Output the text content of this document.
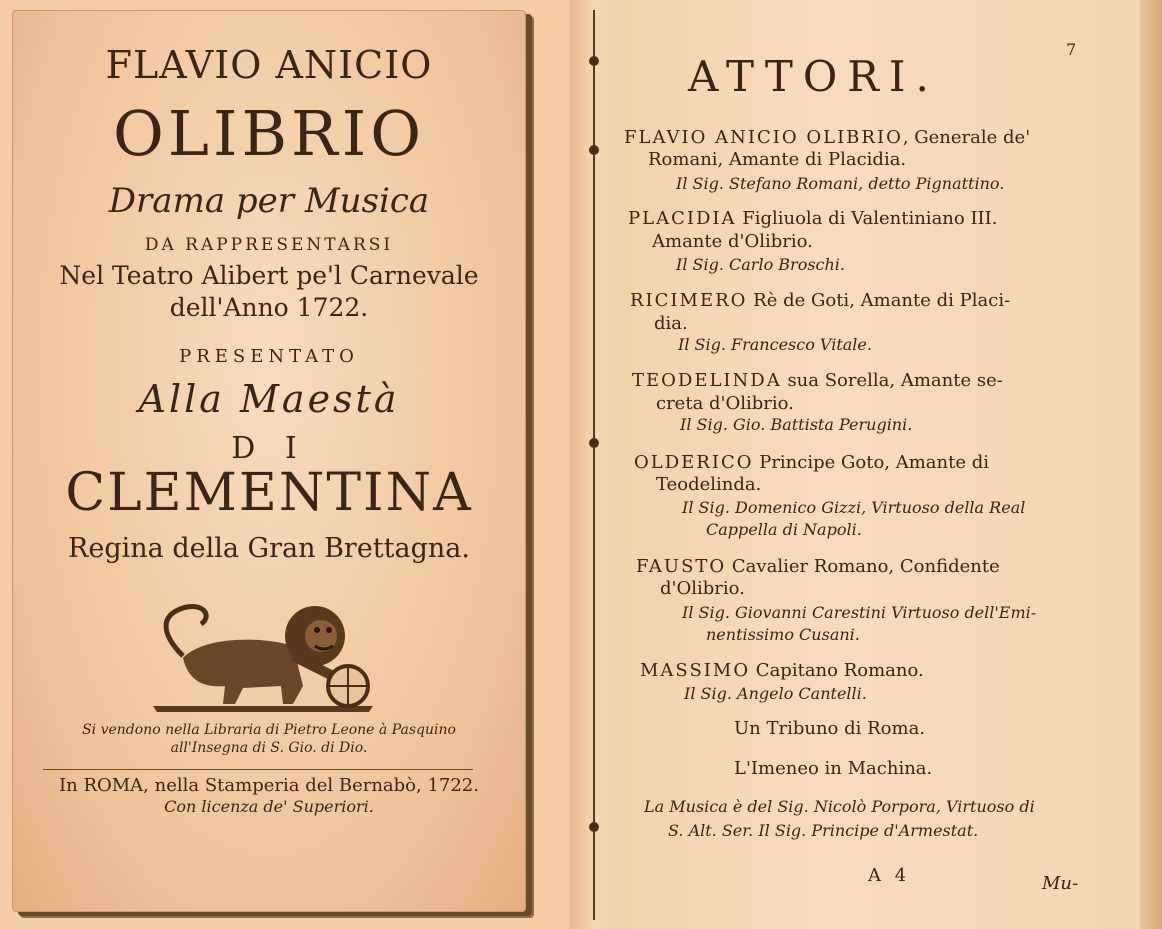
FLAVIO ANICIO
OLIBRIO
Drama per Musica
DA RAPPRESENTARSI
Nel Teatro Alibert pe'l Carnevale
dell'Anno 1722.
PRESENTATO
Alla Maestà
D I
CLEMENTINA
Regina della Gran Brettagna.
Si vendono nella Libraria di Pietro Leone à Pasquino
all'Insegna di S. Gio. di Dio.
In ROMA, nella Stamperia del Bernabò, 1722.
Con licenza de' Superiori.
7
ATTORI.
FLAVIO ANICIO OLIBRIO, Generale de'
Romani, Amante di Placidia.
Il Sig. Stefano Romani, detto Pignattino.
PLACIDIA Figliuola di Valentiniano III.
Amante d'Olibrio.
Il Sig. Carlo Broschi.
RICIMERO Rè de Goti, Amante di Placi-
dia.
Il Sig. Francesco Vitale.
TEODELINDA sua Sorella, Amante se-
creta d'Olibrio.
Il Sig. Gio. Battista Perugini.
OLDERICO Principe Goto, Amante di
Teodelinda.
Il Sig. Domenico Gizzi, Virtuoso della Real
Cappella di Napoli.
FAUSTO Cavalier Romano, Confidente
d'Olibrio.
Il Sig. Giovanni Carestini Virtuoso dell'Emi-
nentissimo Cusani.
MASSIMO Capitano Romano.
Il Sig. Angelo Cantelli.
Un Tribuno di Roma.
L'Imeneo in Machina.
La Musica è del Sig. Nicolò Porpora, Virtuoso di
S. Alt. Ser. Il Sig. Principe d'Armestat.
A 4	Mu-
